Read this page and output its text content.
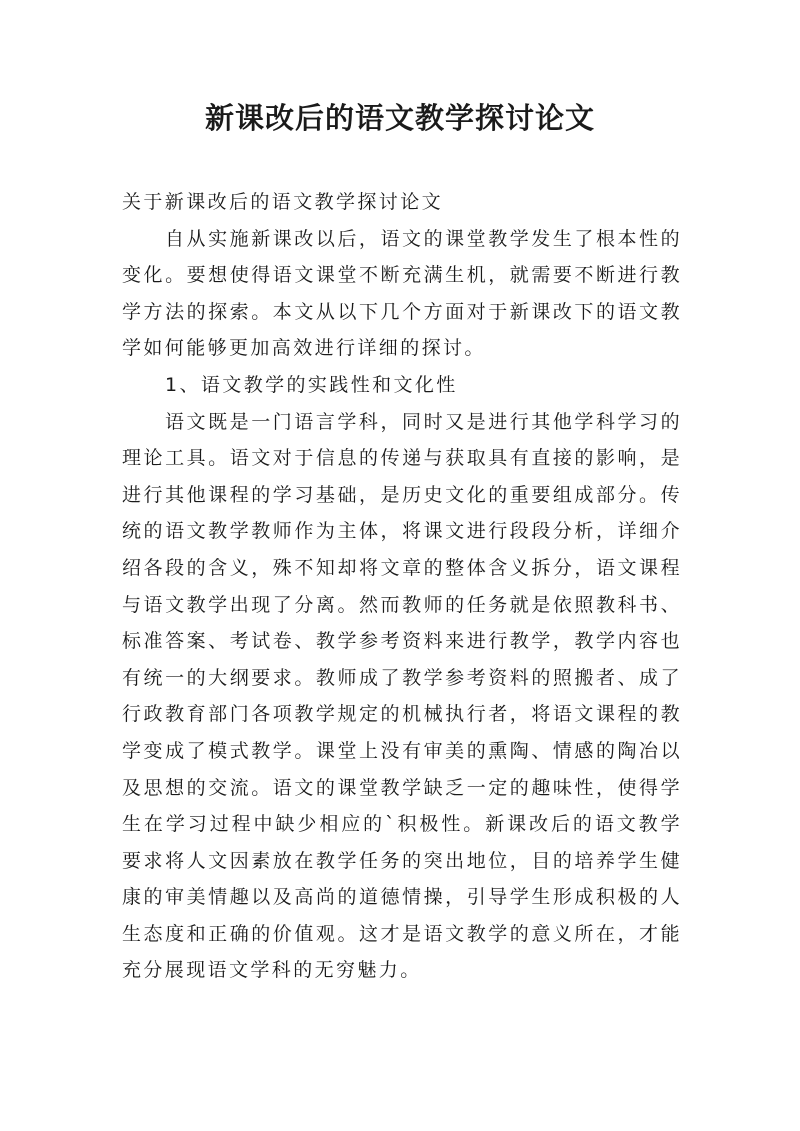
新课改后的语文教学探讨论文

关于新课改后的语文教学探讨论文

自从实施新课改以后，语文的课堂教学发生了根本性的变化。要想使得语文课堂不断充满生机，就需要不断进行教学方法的探索。本文从以下几个方面对于新课改下的语文教学如何能够更加高效进行详细的探讨。

1、语文教学的实践性和文化性

语文既是一门语言学科，同时又是进行其他学科学习的理论工具。语文对于信息的传递与获取具有直接的影响，是进行其他课程的学习基础，是历史文化的重要组成部分。传统的语文教学教师作为主体，将课文进行段段分析，详细介绍各段的含义，殊不知却将文章的整体含义拆分，语文课程与语文教学出现了分离。然而教师的任务就是依照教科书、标准答案、考试卷、教学参考资料来进行教学，教学内容也有统一的大纲要求。教师成了教学参考资料的照搬者、成了行政教育部门各项教学规定的机械执行者，将语文课程的教学变成了模式教学。课堂上没有审美的熏陶、情感的陶冶以及思想的交流。语文的课堂教学缺乏一定的趣味性，使得学生在学习过程中缺少相应的`积极性。新课改后的语文教学要求将人文因素放在教学任务的突出地位，目的培养学生健康的审美情趣以及高尚的道德情操，引导学生形成积极的人生态度和正确的价值观。这才是语文教学的意义所在，才能充分展现语文学科的无穷魅力。
